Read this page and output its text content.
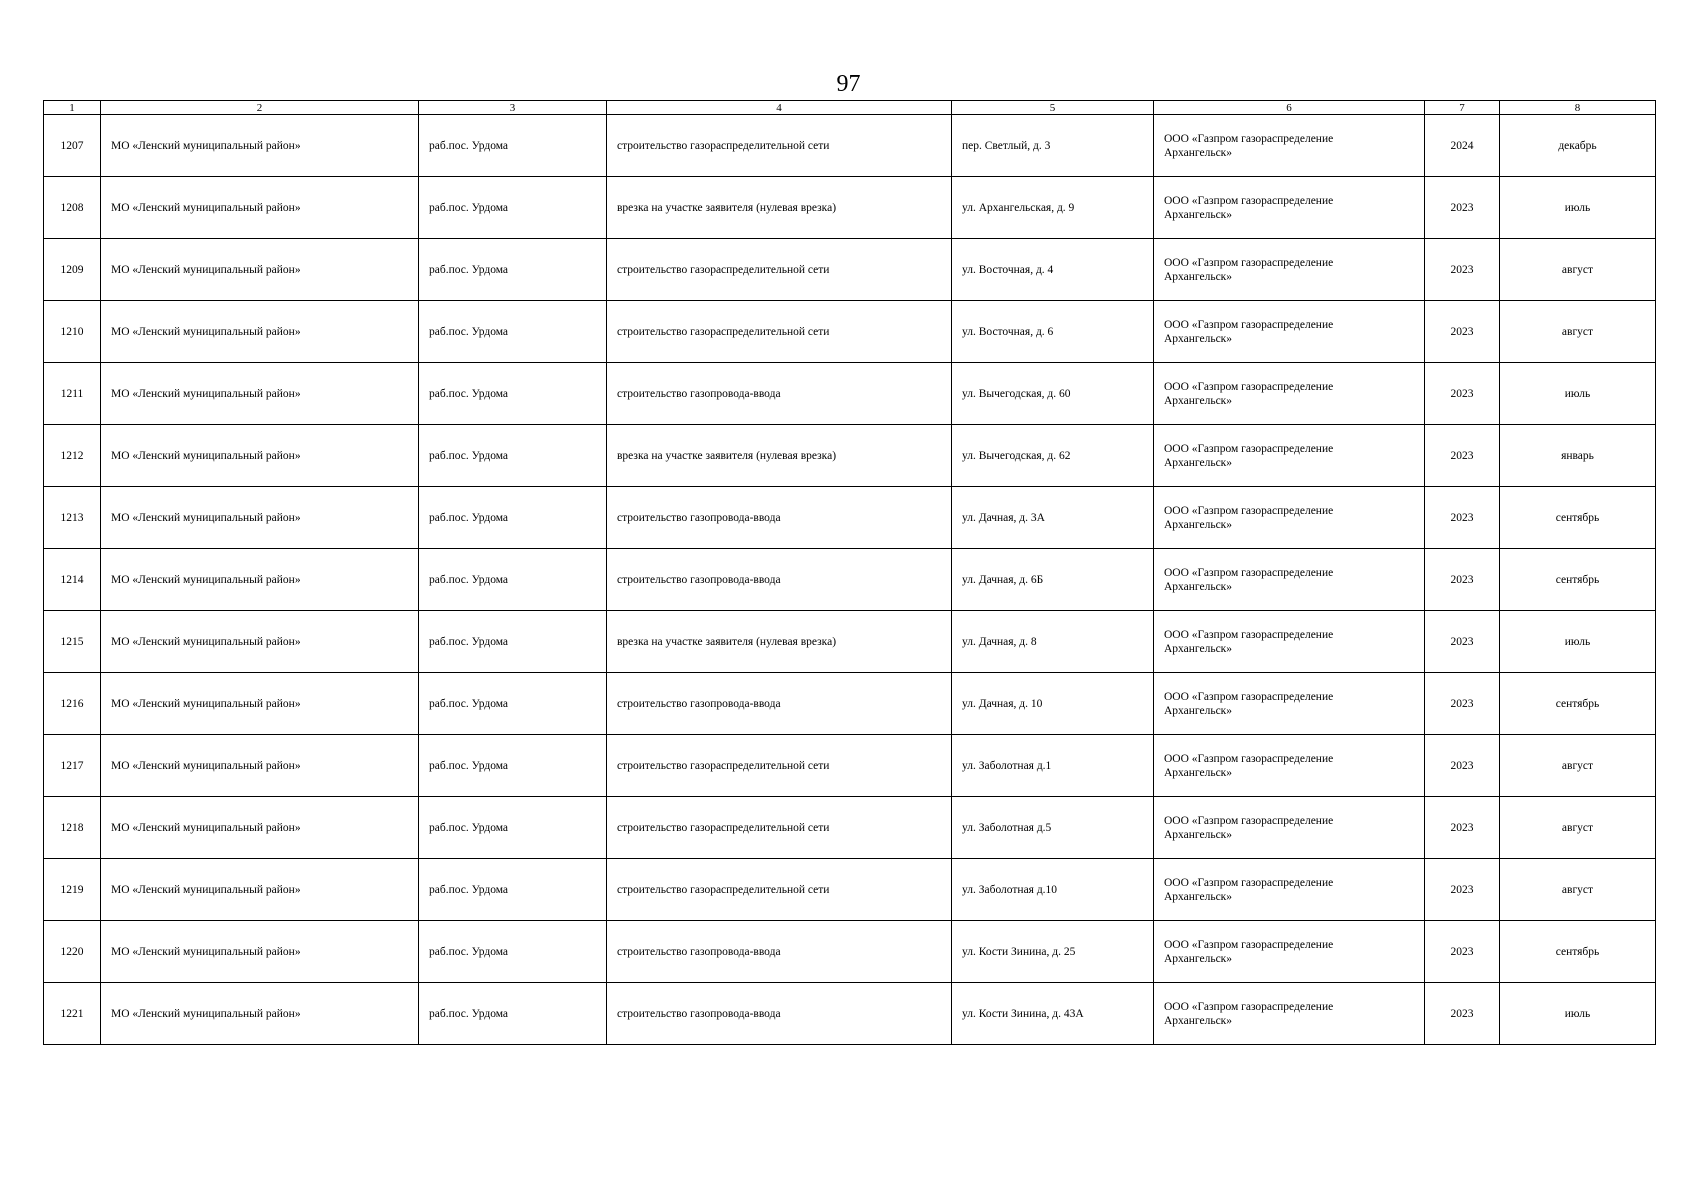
97
1	2	3	4	5	6	7	8
1207	МО «Ленский муниципальный район»	раб.пос. Урдома	строительство газораспределительной сети	пер. Светлый, д. 3	ООО «Газпром газораспределение
Архангельск»	2024	декабрь
1208	МО «Ленский муниципальный район»	раб.пос. Урдома	врезка на участке заявителя (нулевая врезка)	ул. Архангельская, д. 9	ООО «Газпром газораспределение
Архангельск»	2023	июль
1209	МО «Ленский муниципальный район»	раб.пос. Урдома	строительство газораспределительной сети	ул. Восточная, д. 4	ООО «Газпром газораспределение
Архангельск»	2023	август
1210	МО «Ленский муниципальный район»	раб.пос. Урдома	строительство газораспределительной сети	ул. Восточная, д. 6	ООО «Газпром газораспределение
Архангельск»	2023	август
1211	МО «Ленский муниципальный район»	раб.пос. Урдома	строительство газопровода-ввода	ул. Вычегодская, д. 60	ООО «Газпром газораспределение
Архангельск»	2023	июль
1212	МО «Ленский муниципальный район»	раб.пос. Урдома	врезка на участке заявителя (нулевая врезка)	ул. Вычегодская, д. 62	ООО «Газпром газораспределение
Архангельск»	2023	январь
1213	МО «Ленский муниципальный район»	раб.пос. Урдома	строительство газопровода-ввода	ул. Дачная, д. 3А	ООО «Газпром газораспределение
Архангельск»	2023	сентябрь
1214	МО «Ленский муниципальный район»	раб.пос. Урдома	строительство газопровода-ввода	ул. Дачная, д. 6Б	ООО «Газпром газораспределение
Архангельск»	2023	сентябрь
1215	МО «Ленский муниципальный район»	раб.пос. Урдома	врезка на участке заявителя (нулевая врезка)	ул. Дачная, д. 8	ООО «Газпром газораспределение
Архангельск»	2023	июль
1216	МО «Ленский муниципальный район»	раб.пос. Урдома	строительство газопровода-ввода	ул. Дачная, д. 10	ООО «Газпром газораспределение
Архангельск»	2023	сентябрь
1217	МО «Ленский муниципальный район»	раб.пос. Урдома	строительство газораспределительной сети	ул. Заболотная д.1	ООО «Газпром газораспределение
Архангельск»	2023	август
1218	МО «Ленский муниципальный район»	раб.пос. Урдома	строительство газораспределительной сети	ул. Заболотная д.5	ООО «Газпром газораспределение
Архангельск»	2023	август
1219	МО «Ленский муниципальный район»	раб.пос. Урдома	строительство газораспределительной сети	ул. Заболотная д.10	ООО «Газпром газораспределение
Архангельск»	2023	август
1220	МО «Ленский муниципальный район»	раб.пос. Урдома	строительство газопровода-ввода	ул. Кости Зинина, д. 25	ООО «Газпром газораспределение
Архангельск»	2023	сентябрь
1221	МО «Ленский муниципальный район»	раб.пос. Урдома	строительство газопровода-ввода	ул. Кости Зинина, д. 43А	ООО «Газпром газораспределение
Архангельск»	2023	июль
